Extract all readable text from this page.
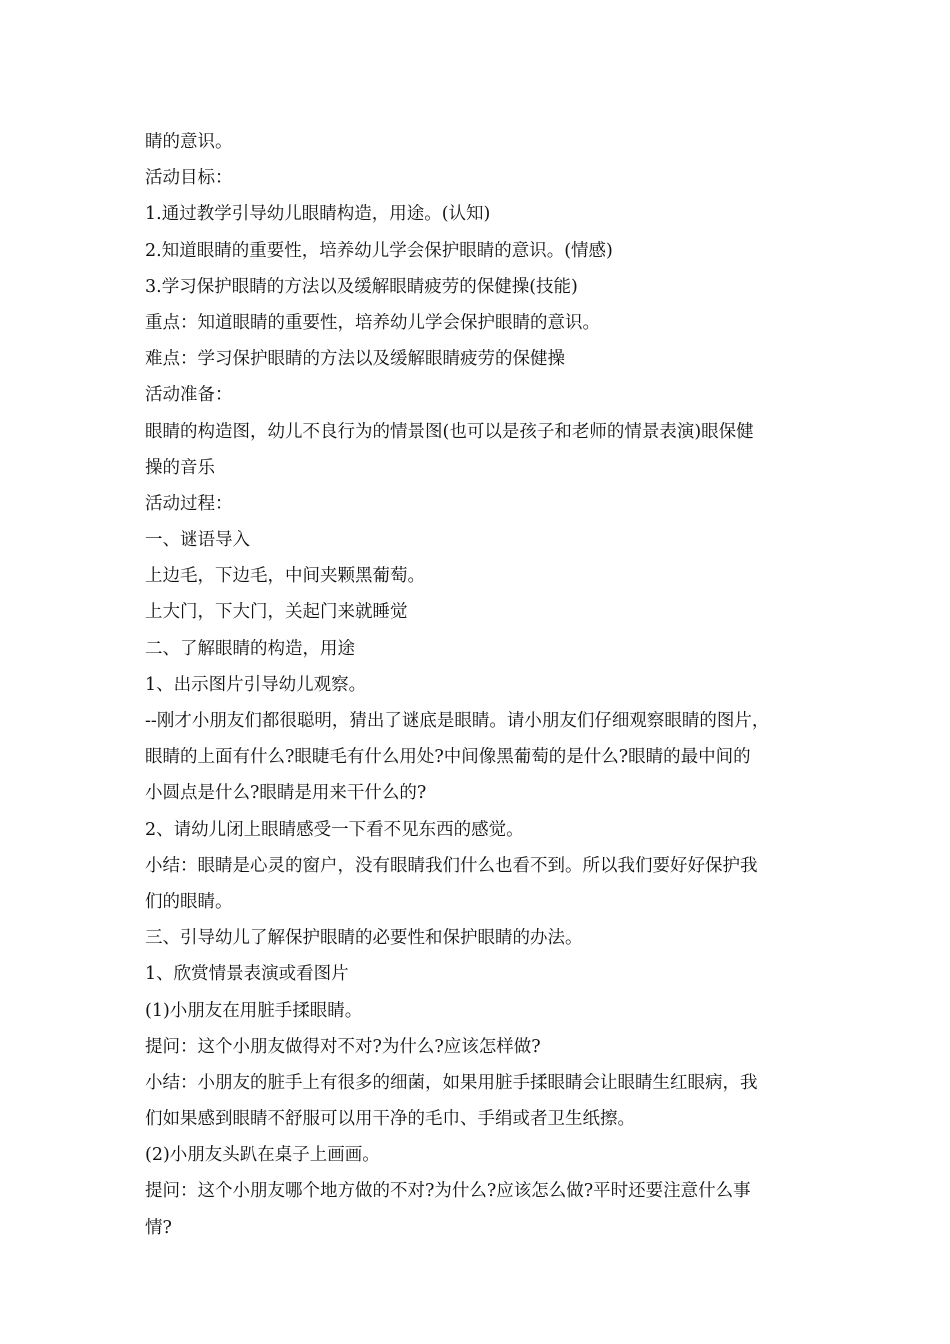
睛的意识。
活动目标：
1.通过教学引导幼儿眼睛构造，用途。(认知)
2.知道眼睛的重要性，培养幼儿学会保护眼睛的意识。(情感)
3.学习保护眼睛的方法以及缓解眼睛疲劳的保健操(技能)
重点：知道眼睛的重要性，培养幼儿学会保护眼睛的意识。
难点：学习保护眼睛的方法以及缓解眼睛疲劳的保健操
活动准备：
眼睛的构造图，幼儿不良行为的情景图(也可以是孩子和老师的情景表演)眼保健
操的音乐
活动过程：
一、谜语导入
上边毛，下边毛，中间夹颗黑葡萄。
上大门，下大门，关起门来就睡觉
二、了解眼睛的构造，用途
1、出示图片引导幼儿观察。
--刚才小朋友们都很聪明，猜出了谜底是眼睛。请小朋友们仔细观察眼睛的图片，
眼睛的上面有什么?眼睫毛有什么用处?中间像黑葡萄的是什么?眼睛的最中间的
小圆点是什么?眼睛是用来干什么的?
2、请幼儿闭上眼睛感受一下看不见东西的感觉。
小结：眼睛是心灵的窗户，没有眼睛我们什么也看不到。所以我们要好好保护我
们的眼睛。
三、引导幼儿了解保护眼睛的必要性和保护眼睛的办法。
1、欣赏情景表演或看图片
(1)小朋友在用脏手揉眼睛。
提问：这个小朋友做得对不对?为什么?应该怎样做?
小结：小朋友的脏手上有很多的细菌，如果用脏手揉眼睛会让眼睛生红眼病，我
们如果感到眼睛不舒服可以用干净的毛巾、手绢或者卫生纸擦。
(2)小朋友头趴在桌子上画画。
提问：这个小朋友哪个地方做的不对?为什么?应该怎么做?平时还要注意什么事
情?
